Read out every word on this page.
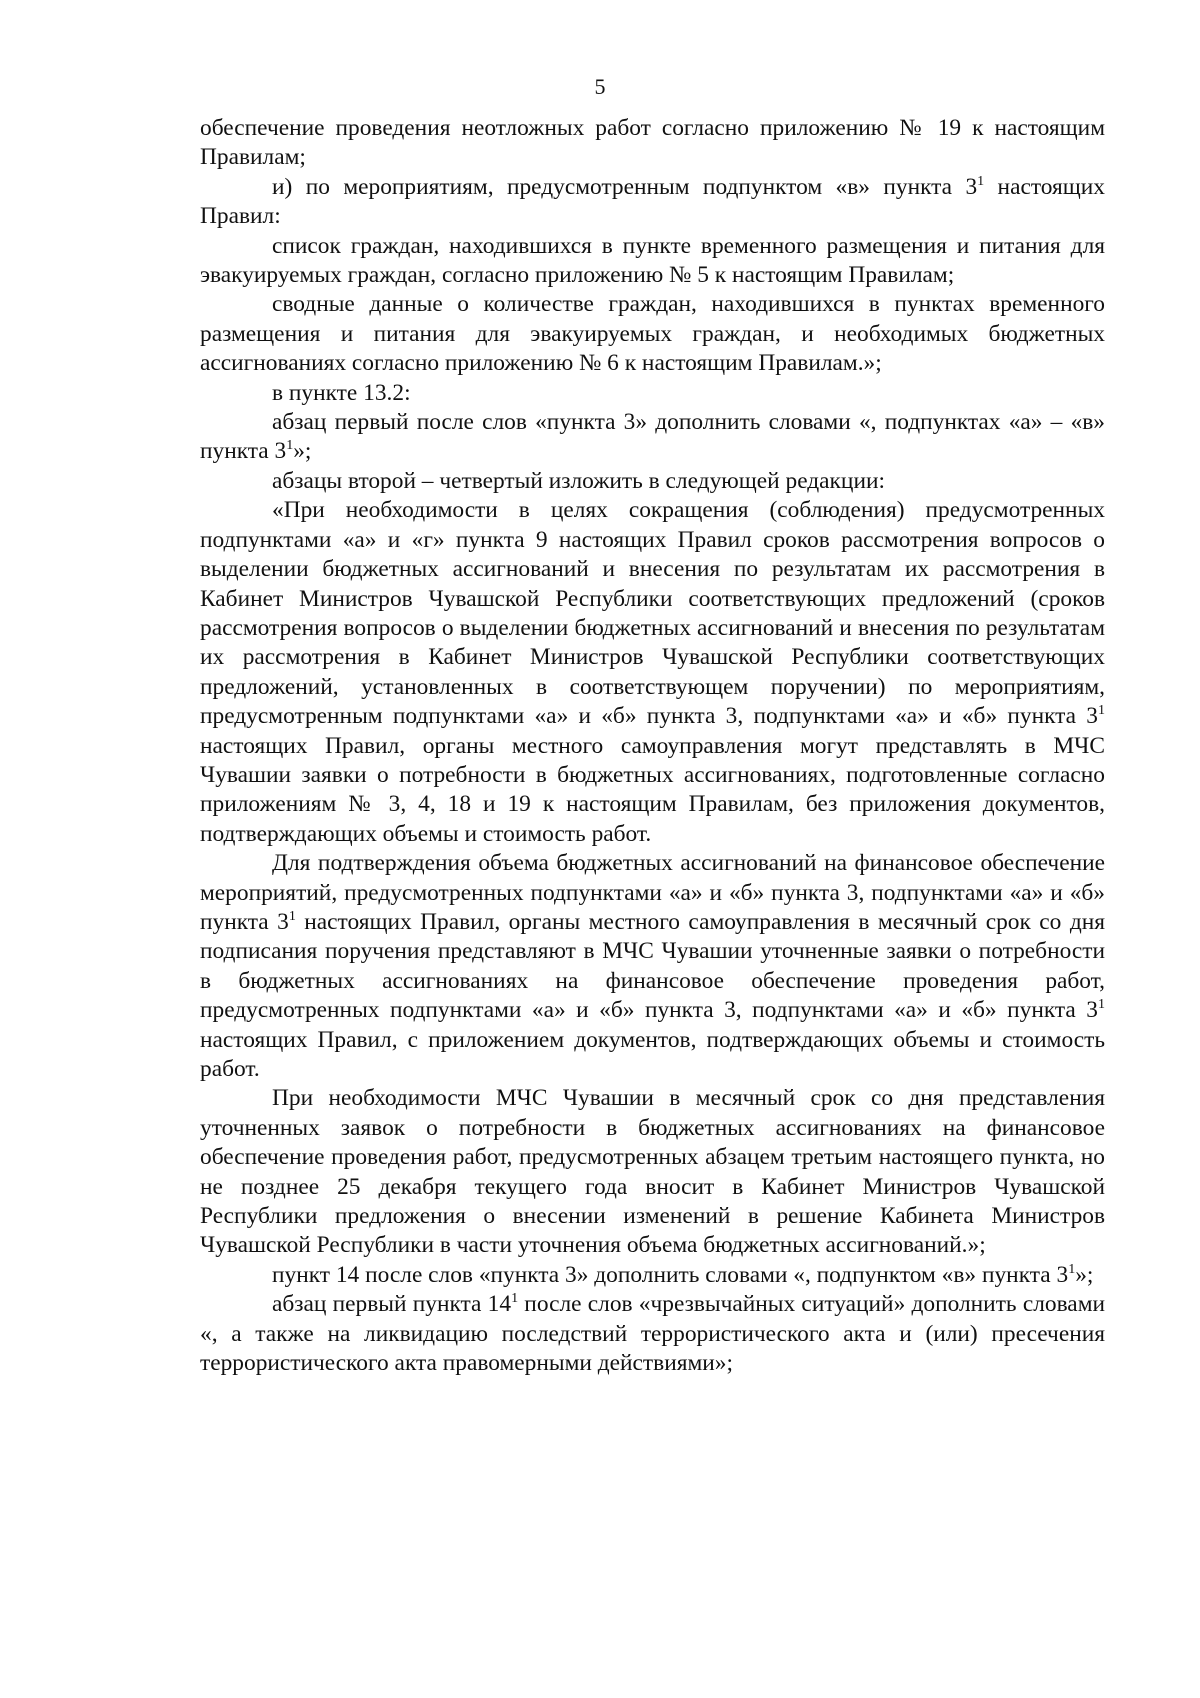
5

обеспечение проведения неотложных работ согласно приложению № 19 к настоящим Правилам;

и) по мероприятиям, предусмотренным подпунктом «в» пункта $3^1$ настоящих Правил:

список граждан, находившихся в пункте временного размещения и питания для эвакуируемых граждан, согласно приложению № 5 к настоящим Правилам;

сводные данные о количестве граждан, находившихся в пунктах временного размещения и питания для эвакуируемых граждан, и необходимых бюджетных ассигнованиях согласно приложению № 6 к настоящим Правилам.»;

в пункте 13.2:

абзац первый после слов «пункта 3» дополнить словами «, подпунктах «а» – «в» пункта $3^1$»;

абзацы второй – четвертый изложить в следующей редакции:

«При необходимости в целях сокращения (соблюдения) предусмотренных подпунктами «а» и «г» пункта 9 настоящих Правил сроков рассмотрения вопросов о выделении бюджетных ассигнований и внесения по результатам их рассмотрения в Кабинет Министров Чувашской Республики соответствующих предложений (сроков рассмотрения вопросов о выделении бюджетных ассигнований и внесения по результатам их рассмотрения в Кабинет Министров Чувашской Республики соответствующих предложений, установленных в соответствующем поручении) по мероприятиям, предусмотренным подпунктами «а» и «б» пункта 3, подпунктами «а» и «б» пункта $3^1$ настоящих Правил, органы местного самоуправления могут представлять в МЧС Чувашии заявки о потребности в бюджетных ассигнованиях, подготовленные согласно приложениям № 3, 4, 18 и 19 к настоящим Правилам, без приложения документов, подтверждающих объемы и стоимость работ.

Для подтверждения объема бюджетных ассигнований на финансовое обеспечение мероприятий, предусмотренных подпунктами «а» и «б» пункта 3, подпунктами «а» и «б» пункта $3^1$ настоящих Правил, органы местного самоуправления в месячный срок со дня подписания поручения представляют в МЧС Чувашии уточненные заявки о потребности в бюджетных ассигнованиях на финансовое обеспечение проведения работ, предусмотренных подпунктами «а» и «б» пункта 3, подпунктами «а» и «б» пункта $3^1$ настоящих Правил, с приложением документов, подтверждающих объемы и стоимость работ.

При необходимости МЧС Чувашии в месячный срок со дня представления уточненных заявок о потребности в бюджетных ассигнованиях на финансовое обеспечение проведения работ, предусмотренных абзацем третьим настоящего пункта, но не позднее 25 декабря текущего года вносит в Кабинет Министров Чувашской Республики предложения о внесении изменений в решение Кабинета Министров Чувашской Республики в части уточнения объема бюджетных ассигнований.»;

пункт 14 после слов «пункта 3» дополнить словами «, подпунктом «в» пункта $3^1$»;

абзац первый пункта $14^1$ после слов «чрезвычайных ситуаций» дополнить словами «, а также на ликвидацию последствий террористического акта и (или) пресечения террористического акта правомерными действиями»;
